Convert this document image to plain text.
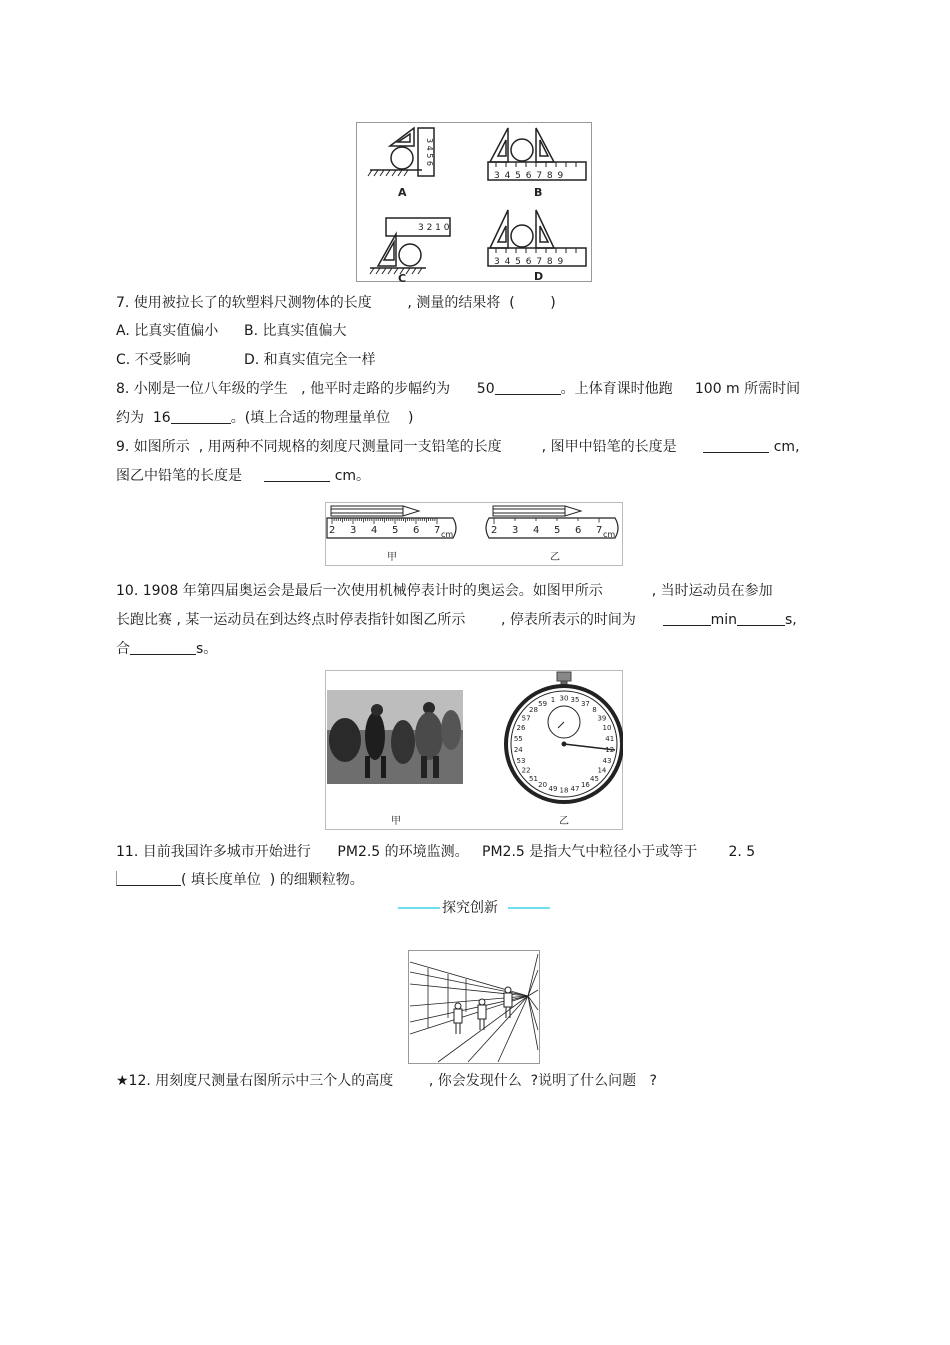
3 4 5 6
A
3 4 5 6 7 8 9
B
3 2 1 0
C
3 4 5 6 7 8 9
D
7. 使用被拉长了的软塑料尺测物体的长度	, 测量的结果将  (        )
A. 比真实值偏小 B. 比真实值偏大
C. 不受影响	D. 和真实值完全一样
8. 小刚是一位八年级的学生 , 他平时走路的步幅约为 50	。上体育课时他跑 100 m 所需时间
约为  16	。(填上合适的物理量单位    )
9. 如图所示  , 用两种不同规格的刻度尺测量同一支铅笔的长度	, 图甲中铅笔的长度是	cm,
图乙中铅笔的长度是	cm。
2 3 4 5 6 7 cm
甲
2 3 4 5 6 7 cm
乙
10. 1908 年第四届奥运会是最后一次使用机械停表计时的奥运会。如图甲所示	, 当时运动员在参加
长跑比赛 , 某一运动员在到达终点时停表指针如图乙所示	, 停表所表示的时间为	min	s,
合	s。
甲
30 35 37
8
39
10
41
12
43
14
45
16
47
18
49
20
51
22
53
24
55
26
57
28
59 1
乙
11. 目前我国许多城市开始进行 PM2.5 的环境监测。 PM2.5 是指大气中粒径小于或等于 2. 5
( 填长度单位  ) 的细颗粒物。
探究创新
★12. 用刻度尺测量右图所示中三个人的高度	, 你会发现什么  ?说明了什么问题   ?
